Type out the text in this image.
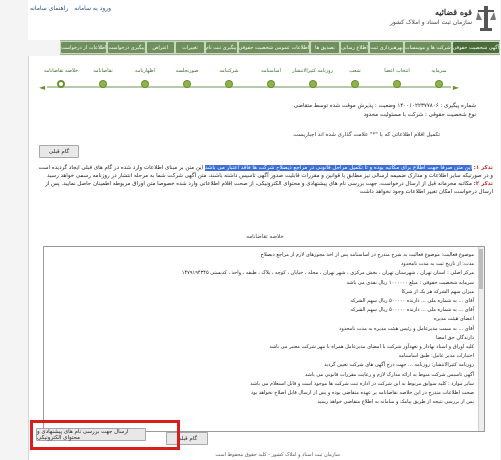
ورود به سامانه
راهنمای سامانه	قوه قضائیه
سازمان ثبت اسناد و املاک کشور
آگهی شخصیت حقوقی
شرکت ها و موسسات
بهرهبرداری ثبت
اطلاع رسانی
تصدیق ها
اطلاعات عمومی شخصیت حقوقی
پیگیری ثبت نام
تغییرات
اعتراض
پیگیری درخواست
اطلاعات از درخواست
سرمایه
انتخاب اعضا
شعب
روزنامه کثیرالانتشار
اساسنامه
شرکتنامه
صورتجلسه
اظهارنامه
تقاضانامه
خلاصه تقاضانامه
◄	►
شماره پیگیری : ۱۴۰۰۱۰۲۲۳۷۷۸۰۶ وضعیت : پذیرش موقت شده توسط متقاضی
نوع شخصیت حقوقی : شرکت با مسئولیت محدود
تکمیل اقلام اطلاعاتی که با "*" علامت گذاری شده اند اجباریست
گام قبلی
تذکر ۱: این متن صرفا جهت اطلاع برای مکاتبه بوده و تا تکمیل مراحل قانونی در مراجع ذیصلاح شرکت ها فاقد اعتبار می باشد این متن بر مبنای اطلاعات وارد شده در گام های قبلی ایجاد گردیده است و در صورتیکه سایر اطلاعات و مدارک ضمیمه ارسالی نیز مطابق با قوانین و مقررات قابلیت صدور آگهی تاسیس داشته باشند، متن آگهی شرکت شما به مرحله انتشار در روزنامه رسمی خواهد رسید
تذکر ۲: مکاتبه محرمانه قبل از ارسال درخواست، جهت بررسی نام های پیشنهادی و محتوای الکترونیکی، از صحت اقلام اطلاعاتی وارد شده خصوصا متن اوراق مربوطه اطمینان حاصل نمایید. پس از ارسال درخواست امکان تغییر اطلاعات وجود نخواهد داشت
خلاصه تقاضانامه
موضوع فعالیت: موضوع فعالیت به شرح مندرج در اساسنامه پس از اخذ مجوزهای لازم از مراجع ذیصلاح
مدت: از تاریخ ثبت به مدت نامحدود
مرکز اصلی : استان تهران ، شهرستان تهران ، بخش مرکزی ، شهر تهران ، محله ، خیابان ، کوچه ، پلاک ، طبقه ، واحد ، کدپستی ۱۴۷۹۱۹۴۳۴۵
سرمایه شخصیت حقوقی : مبلغ ۱۰۰۰۰۰۰ ریال نقدی می باشد
میزان سهم الشرکه هر یک از شرکا
آقای ... به شماره ملی ... دارنده ۵۰۰۰۰۰ ریال سهم الشرکه
آقای ... به شماره ملی ... دارنده ۵۰۰۰۰۰ ریال سهم الشرکه
اعضای هیئت مدیره
آقای ... به سمت مدیرعامل و رئیس هیئت مدیره به مدت نامحدود
دارندگان حق امضا
کلیه اوراق و اسناد بهادار و تعهدآور شرکت با امضای مدیرعامل همراه با مهر شرکت معتبر می باشد
اختیارات مدیر عامل: طبق اساسنامه
روزنامه کثیرالانتشار: روزنامه ... جهت درج آگهی های شرکت تعیین گردید
آگهی تاسیس شرکت منوط به ارائه مدارک لازم و رعایت مقررات قانونی می باشد
سایر موارد : کلیه سوابق مربوط به این شرکت در اداره ثبت شرکت ها موجود است و قابل استعلام می باشد
صحت اطلاعات مندرج در این خلاصه تقاضانامه بر عهده متقاضی بوده و پس از ارسال قابل اصلاح نخواهد بود
پس از بررسی نتیجه از طریق پیامک و سامانه به اطلاع متقاضی خواهد رسید
گام قبلی
ارسال جهت بررسی نام های پیشنهادی و محتوای الکترونیکی
سازمان ثبت اسناد و املاک کشور - کلیه حقوق محفوظ است
